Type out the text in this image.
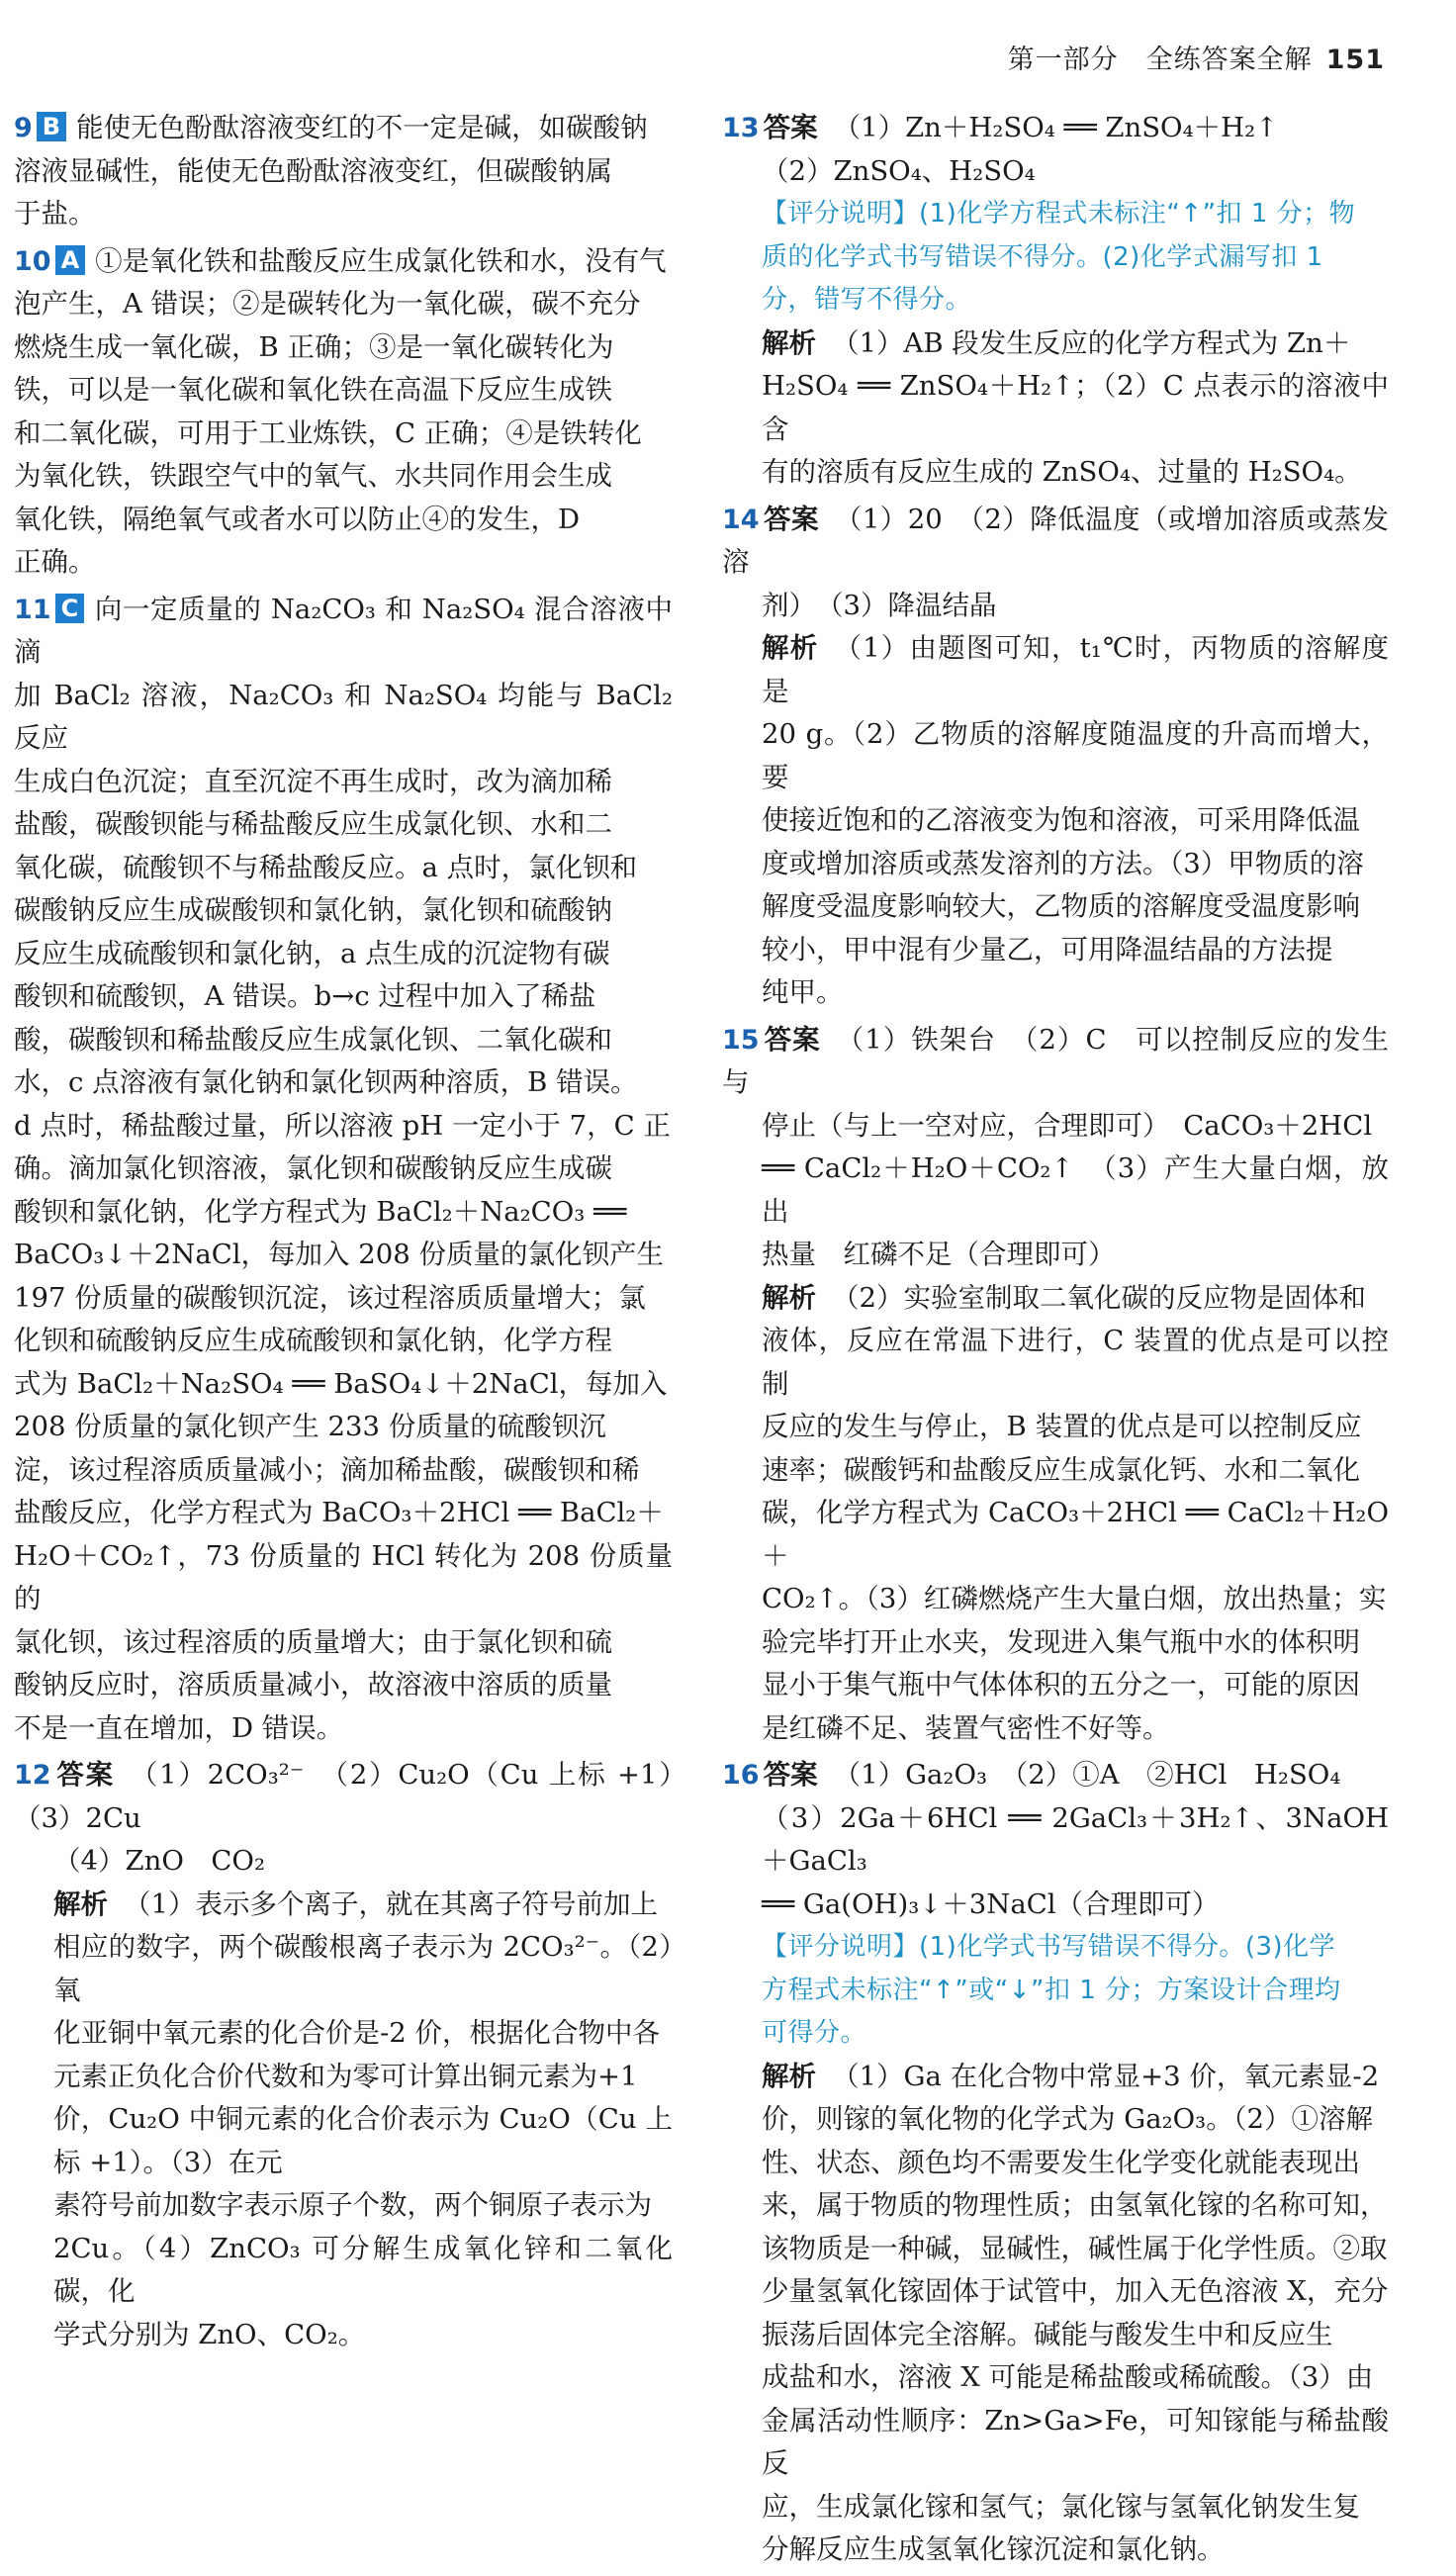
第一部分　全练答案全解 151
9 B 能使无色酚酞溶液变红的不一定是碱，如碳酸钠
溶液显碱性，能使无色酚酞溶液变红，但碳酸钠属
于盐。
10 A ①是氧化铁和盐酸反应生成氯化铁和水，没有气
泡产生，A 错误；②是碳转化为一氧化碳，碳不充分
燃烧生成一氧化碳，B 正确；③是一氧化碳转化为
铁，可以是一氧化碳和氧化铁在高温下反应生成铁
和二氧化碳，可用于工业炼铁，C 正确；④是铁转化
为氧化铁，铁跟空气中的氧气、水共同作用会生成
氧化铁，隔绝氧气或者水可以防止④的发生，D
正确。
11 C 向一定质量的 Na₂CO₃ 和 Na₂SO₄ 混合溶液中滴
加 BaCl₂ 溶液，Na₂CO₃ 和 Na₂SO₄ 均能与 BaCl₂ 反应
生成白色沉淀；直至沉淀不再生成时，改为滴加稀
盐酸，碳酸钡能与稀盐酸反应生成氯化钡、水和二
氧化碳，硫酸钡不与稀盐酸反应。a 点时，氯化钡和
碳酸钠反应生成碳酸钡和氯化钠，氯化钡和硫酸钠
反应生成硫酸钡和氯化钠，a 点生成的沉淀物有碳
酸钡和硫酸钡，A 错误。b→c 过程中加入了稀盐
酸，碳酸钡和稀盐酸反应生成氯化钡、二氧化碳和
水，c 点溶液有氯化钠和氯化钡两种溶质，B 错误。
d 点时，稀盐酸过量，所以溶液 pH 一定小于 7，C 正
确。滴加氯化钡溶液，氯化钡和碳酸钠反应生成碳
酸钡和氯化钠，化学方程式为 BaCl₂＋Na₂CO₃ ══
BaCO₃↓＋2NaCl，每加入 208 份质量的氯化钡产生
197 份质量的碳酸钡沉淀，该过程溶质质量增大；氯
化钡和硫酸钠反应生成硫酸钡和氯化钠，化学方程
式为 BaCl₂＋Na₂SO₄ ══ BaSO₄↓＋2NaCl，每加入
208 份质量的氯化钡产生 233 份质量的硫酸钡沉
淀，该过程溶质质量减小；滴加稀盐酸，碳酸钡和稀
盐酸反应，化学方程式为 BaCO₃＋2HCl ══ BaCl₂＋
H₂O＋CO₂↑，73 份质量的 HCl 转化为 208 份质量的
氯化钡，该过程溶质的质量增大；由于氯化钡和硫
酸钠反应时，溶质质量减小，故溶液中溶质的质量
不是一直在增加，D 错误。
12 答案 （1）2CO₃²⁻　（2）Cu₂O（Cu 上标 +1）　（3）2Cu
（4）ZnO　CO₂
解析 （1）表示多个离子，就在其离子符号前加上
相应的数字，两个碳酸根离子表示为 2CO₃²⁻。（2）氧
化亚铜中氧元素的化合价是-2 价，根据化合物中各
元素正负化合价代数和为零可计算出铜元素为+1
价，Cu₂O 中铜元素的化合价表示为 Cu₂O（Cu 上标 +1）。（3）在元
素符号前加数字表示原子个数，两个铜原子表示为
2Cu。（4）ZnCO₃ 可分解生成氧化锌和二氧化碳，化
学式分别为 ZnO、CO₂。
13 答案 （1）Zn＋H₂SO₄ ══ ZnSO₄＋H₂↑
（2）ZnSO₄、H₂SO₄
【评分说明】(1)化学方程式未标注“↑”扣 1 分；物
质的化学式书写错误不得分。(2)化学式漏写扣 1
分，错写不得分。
解析 （1）AB 段发生反应的化学方程式为 Zn＋
H₂SO₄ ══ ZnSO₄＋H₂↑；（2）C 点表示的溶液中含
有的溶质有反应生成的 ZnSO₄、过量的 H₂SO₄。
14 答案 （1）20　（2）降低温度（或增加溶质或蒸发溶
剂）　（3）降温结晶
解析 （1）由题图可知，t₁℃时，丙物质的溶解度是
20 g。（2）乙物质的溶解度随温度的升高而增大，要
使接近饱和的乙溶液变为饱和溶液，可采用降低温
度或增加溶质或蒸发溶剂的方法。（3）甲物质的溶
解度受温度影响较大，乙物质的溶解度受温度影响
较小，甲中混有少量乙，可用降温结晶的方法提
纯甲。
15 答案 （1）铁架台　（2）C　可以控制反应的发生与
停止（与上一空对应，合理即可）　CaCO₃＋2HCl
══ CaCl₂＋H₂O＋CO₂↑　（3）产生大量白烟，放出
热量　红磷不足（合理即可）
解析 （2）实验室制取二氧化碳的反应物是固体和
液体，反应在常温下进行，C 装置的优点是可以控制
反应的发生与停止，B 装置的优点是可以控制反应
速率；碳酸钙和盐酸反应生成氯化钙、水和二氧化
碳，化学方程式为 CaCO₃＋2HCl ══ CaCl₂＋H₂O＋
CO₂↑。（3）红磷燃烧产生大量白烟，放出热量；实
验完毕打开止水夹，发现进入集气瓶中水的体积明
显小于集气瓶中气体体积的五分之一，可能的原因
是红磷不足、装置气密性不好等。
16 答案 （1）Ga₂O₃　（2）①A　②HCl　H₂SO₄
（3）2Ga＋6HCl ══ 2GaCl₃＋3H₂↑、3NaOH＋GaCl₃
══ Ga(OH)₃↓＋3NaCl（合理即可）
【评分说明】(1)化学式书写错误不得分。(3)化学
方程式未标注“↑”或“↓”扣 1 分；方案设计合理均
可得分。
解析 （1）Ga 在化合物中常显+3 价，氧元素显-2
价，则镓的氧化物的化学式为 Ga₂O₃。（2）①溶解
性、状态、颜色均不需要发生化学变化就能表现出
来，属于物质的物理性质；由氢氧化镓的名称可知，
该物质是一种碱，显碱性，碱性属于化学性质。②取
少量氢氧化镓固体于试管中，加入无色溶液 X，充分
振荡后固体完全溶解。碱能与酸发生中和反应生
成盐和水，溶液 X 可能是稀盐酸或稀硫酸。（3）由
金属活动性顺序：Zn>Ga>Fe，可知镓能与稀盐酸反
应，生成氯化镓和氢气；氯化镓与氢氧化钠发生复
分解反应生成氢氧化镓沉淀和氯化钠。
